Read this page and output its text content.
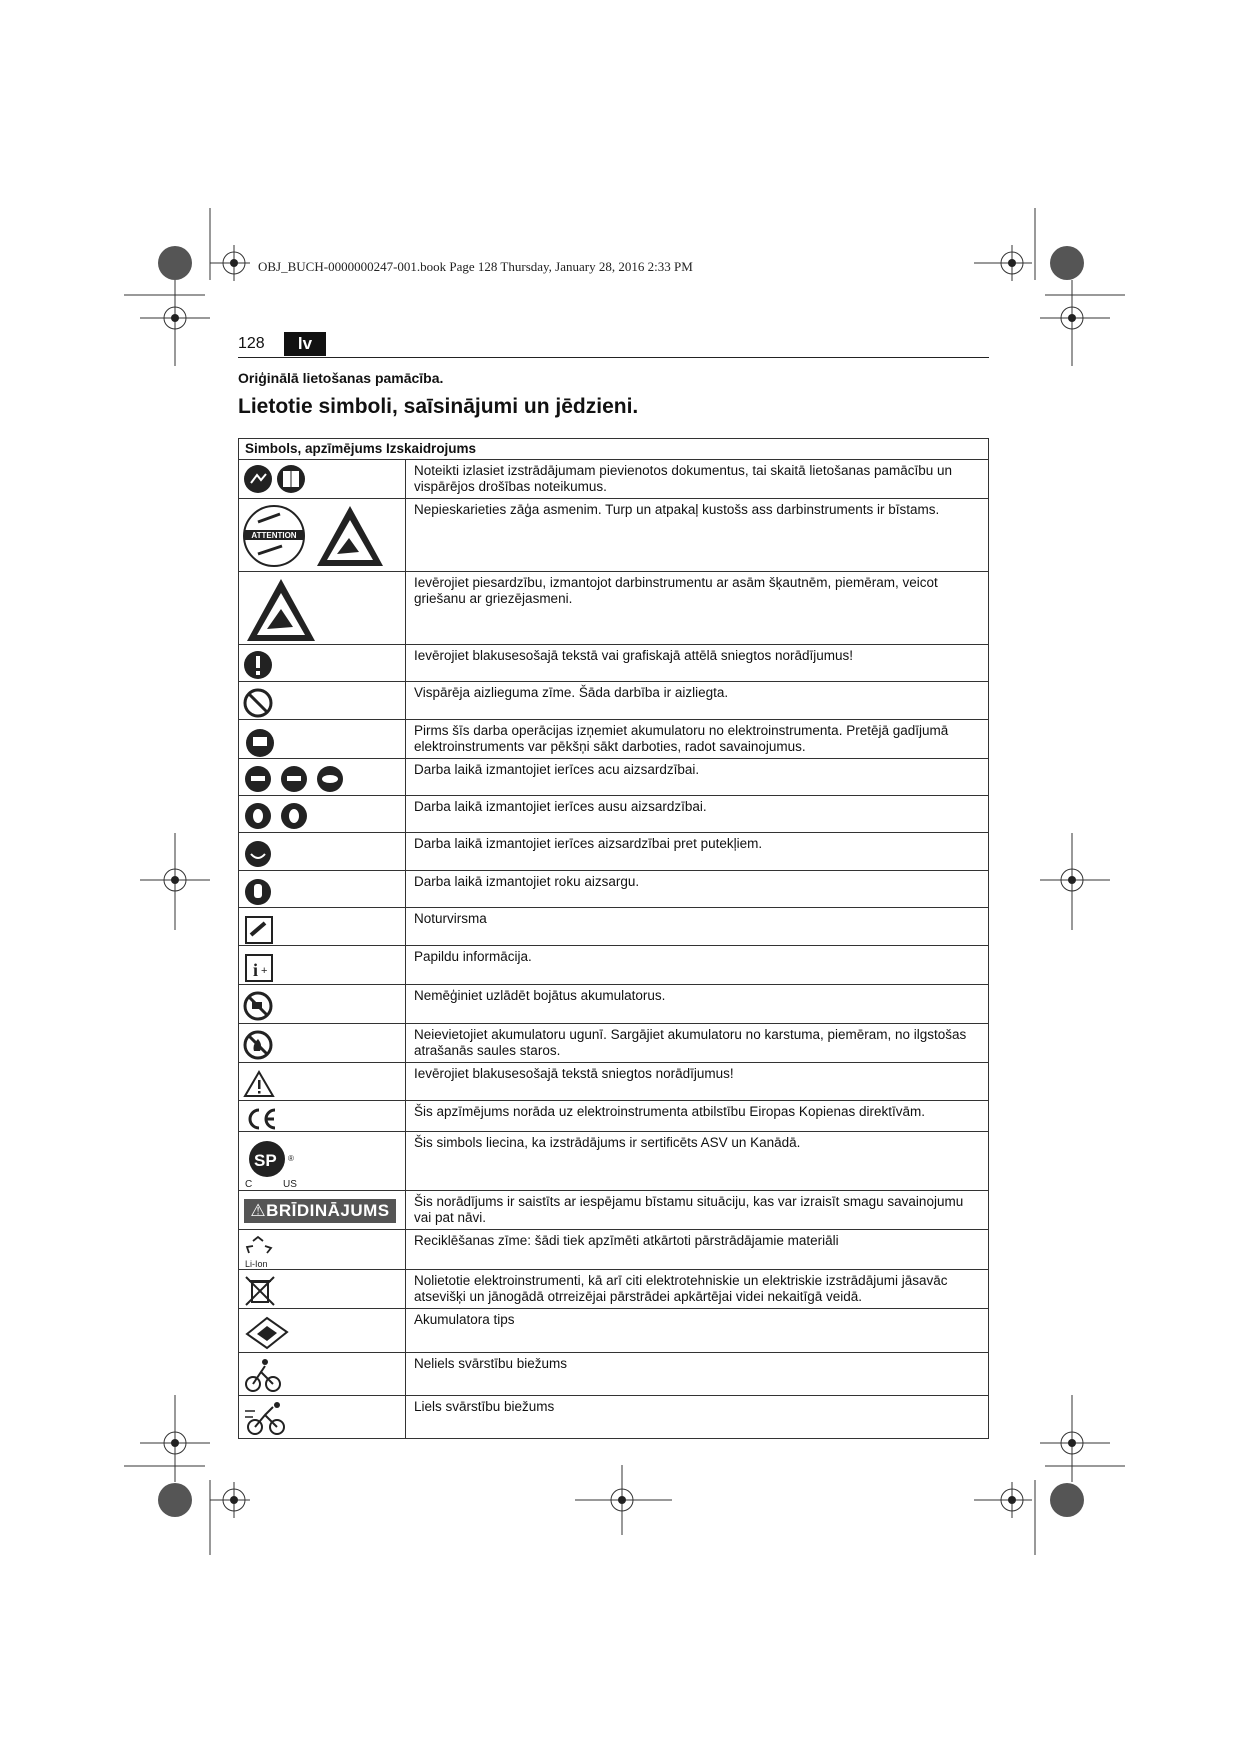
OBJ_BUCH-0000000247-001.book Page 128 Thursday, January 28, 2016 2:33 PM
128	lv
Oriģinālā lietošanas pamācība.
Lietotie simboli, saīsinājumi un jēdzieni.
Simbols, apzīmējums Izskaidrojums
Noteikti izlasiet izstrādājumam pievienotos dokumentus, tai skaitā lietošanas pamācību un vispārējos drošības noteikumus.
ATTENTION
Nepieskarieties zāģa asmenim. Turp un atpakaļ kustošs ass darbinstruments ir bīstams.
Ievērojiet piesardzību, izmantojot darbinstrumentu ar asām šķautnēm, piemēram, veicot griešanu ar griezējasmeni.
Ievērojiet blakusesošajā tekstā vai grafiskajā attēlā sniegtos norādījumus!
Vispārēja aizlieguma zīme. Šāda darbība ir aizliegta.
Pirms šīs darba operācijas izņemiet akumulatoru no elektroinstrumenta. Pretējā gadījumā elektroinstruments var pēkšņi sākt darboties, radot savainojumus.
Darba laikā izmantojiet ierīces acu aizsardzībai.
Darba laikā izmantojiet ierīces ausu aizsardzībai.
Darba laikā izmantojiet ierīces aizsardzībai pret putekļiem.
Darba laikā izmantojiet roku aizsargu.
Noturvirsma
i +
Papildu informācija.
Nemēģiniet uzlādēt bojātus akumulatorus.
Neievietojiet akumulatoru ugunī. Sargājiet akumulatoru no karstuma, piemēram, no ilgstošas atrašanās saules staros.
Ievērojiet blakusesošajā tekstā sniegtos norādījumus!
Šis apzīmējums norāda uz elektroinstrumenta atbilstību Eiropas Kopienas direktīvām.
SP ®
C	US
Šis simbols liecina, ka izstrādājums ir sertificēts ASV un Kanādā.
⚠BRĪDINĀJUMS	Šis norādījums ir saistīts ar iespējamu bīstamu situāciju, kas var izraisīt smagu savainojumu vai pat nāvi.
Li-Ion
Reciklēšanas zīme: šādi tiek apzīmēti atkārtoti pārstrādājamie materiāli
Nolietotie elektroinstrumenti, kā arī citi elektrotehniskie un elektriskie izstrādājumi jāsavāc atsevišķi un jānogādā otrreizējai pārstrādei apkārtējai videi nekaitīgā veidā.
Akumulatora tips
Neliels svārstību biežums
Liels svārstību biežums
